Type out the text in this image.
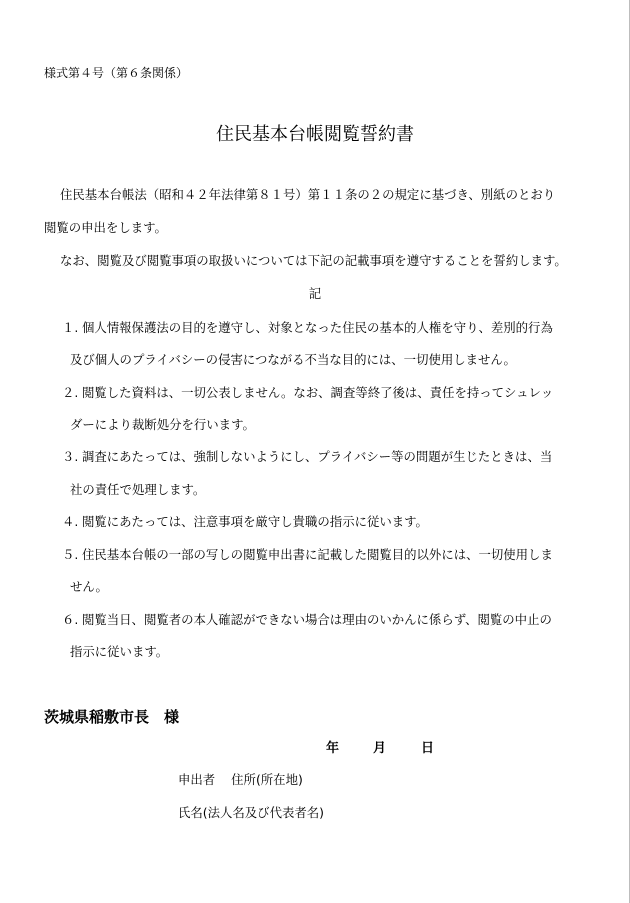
様式第４号（第６条関係）
住民基本台帳閲覧誓約書
住民基本台帳法（昭和４２年法律第８１号）第１１条の２の規定に基づき、別紙のとおり
閲覧の申出をします。
なお、閲覧及び閲覧事項の取扱いについては下記の記載事項を遵守することを誓約します。
記
１. 個人情報保護法の目的を遵守し、対象となった住民の基本的人権を守り、差別的行為
及び個人のプライバシーの侵害につながる不当な目的には、一切使用しません。
２. 閲覧した資料は、一切公表しません。なお、調査等終了後は、責任を持ってシュレッ
ダーにより裁断処分を行います。
３. 調査にあたっては、強制しないようにし、プライバシー等の問題が生じたときは、当
社の責任で処理します。
４. 閲覧にあたっては、注意事項を厳守し貴職の指示に従います。
５. 住民基本台帳の一部の写しの閲覧申出書に記載した閲覧目的以外には、一切使用しま
せん。
６. 閲覧当日、閲覧者の本人確認ができない場合は理由のいかんに係らず、閲覧の中止の
指示に従います。
茨城県稲敷市長　様
年	月	日
申出者 住所(所在地)
氏名(法人名及び代表者名)
